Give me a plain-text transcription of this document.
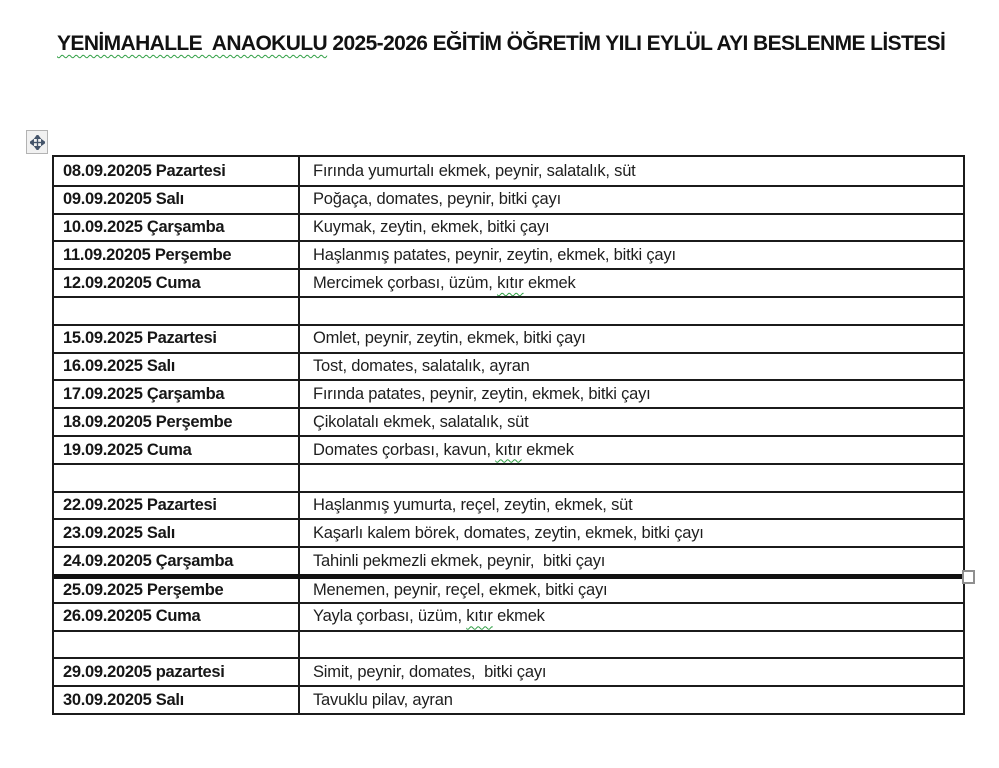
YENİMAHALLE  ANAOKULU 2025-2026 EĞİTİM ÖĞRETİM YILI EYLÜL AYI BESLENME LİSTESİ
08.09.20205 Pazartesi	Fırında yumurtalı ekmek, peynir, salatalık, süt
09.09.20205 Salı	Poğaça, domates, peynir, bitki çayı
10.09.2025 Çarşamba	Kuymak, zeytin, ekmek, bitki çayı
11.09.20205 Perşembe	Haşlanmış patates, peynir, zeytin, ekmek, bitki çayı
12.09.20205 Cuma	Mercimek çorbası, üzüm, kıtır ekmek
15.09.2025 Pazartesi	Omlet, peynir, zeytin, ekmek, bitki çayı
16.09.2025 Salı	Tost, domates, salatalık, ayran
17.09.2025 Çarşamba	Fırında patates, peynir, zeytin, ekmek, bitki çayı
18.09.20205 Perşembe	Çikolatalı ekmek, salatalık, süt
19.09.2025 Cuma	Domates çorbası, kavun, kıtır ekmek
22.09.2025 Pazartesi	Haşlanmış yumurta, reçel, zeytin, ekmek, süt
23.09.2025 Salı	Kaşarlı kalem börek, domates, zeytin, ekmek, bitki çayı
24.09.20205 Çarşamba	Tahinli pekmezli ekmek, peynir,  bitki çayı
25.09.2025 Perşembe	Menemen, peynir, reçel, ekmek, bitki çayı
26.09.20205 Cuma	Yayla çorbası, üzüm, kıtır ekmek
29.09.20205 pazartesi	Simit, peynir, domates,  bitki çayı
30.09.20205 Salı	Tavuklu pilav, ayran
